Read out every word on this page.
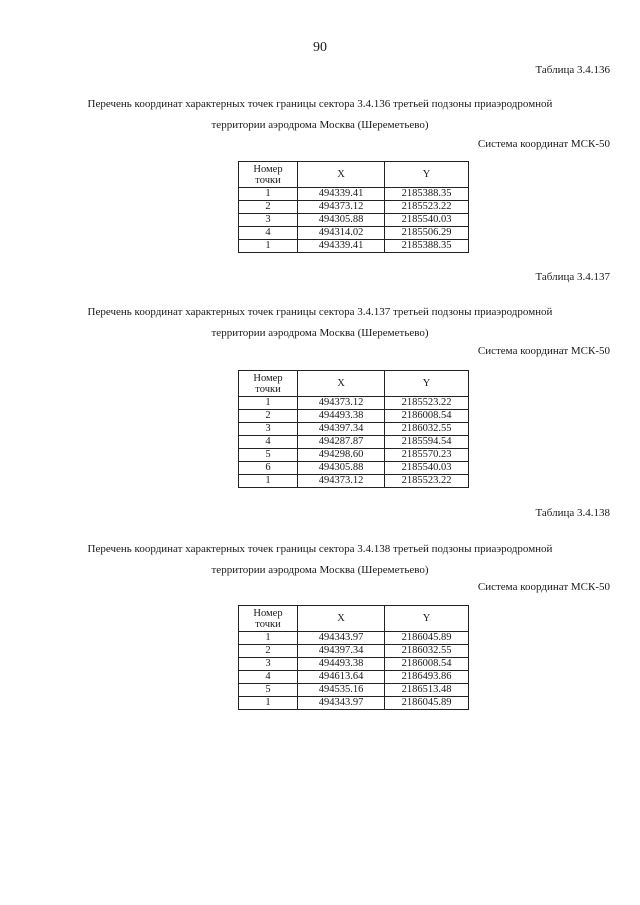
90
Таблица 3.4.136
Перечень координат характерных точек границы сектора 3.4.136 третьей подзоны приаэродромной
территории аэродрома Москва (Шереметьево)
Система координат МСК-50
Номер
точки	X	Y
1	494339.41	2185388.35
2	494373.12	2185523.22
3	494305.88	2185540.03
4	494314.02	2185506.29
1	494339.41	2185388.35
Таблица 3.4.137
Перечень координат характерных точек границы сектора 3.4.137 третьей подзоны приаэродромной
территории аэродрома Москва (Шереметьево)
Система координат МСК-50
Номер
точки	X	Y
1	494373.12	2185523.22
2	494493.38	2186008.54
3	494397.34	2186032.55
4	494287.87	2185594.54
5	494298.60	2185570.23
6	494305.88	2185540.03
1	494373.12	2185523.22
Таблица 3.4.138
Перечень координат характерных точек границы сектора 3.4.138 третьей подзоны приаэродромной
территории аэродрома Москва (Шереметьево)
Система координат МСК-50
Номер
точки	X	Y
1	494343.97	2186045.89
2	494397.34	2186032.55
3	494493.38	2186008.54
4	494613.64	2186493.86
5	494535.16	2186513.48
1	494343.97	2186045.89
